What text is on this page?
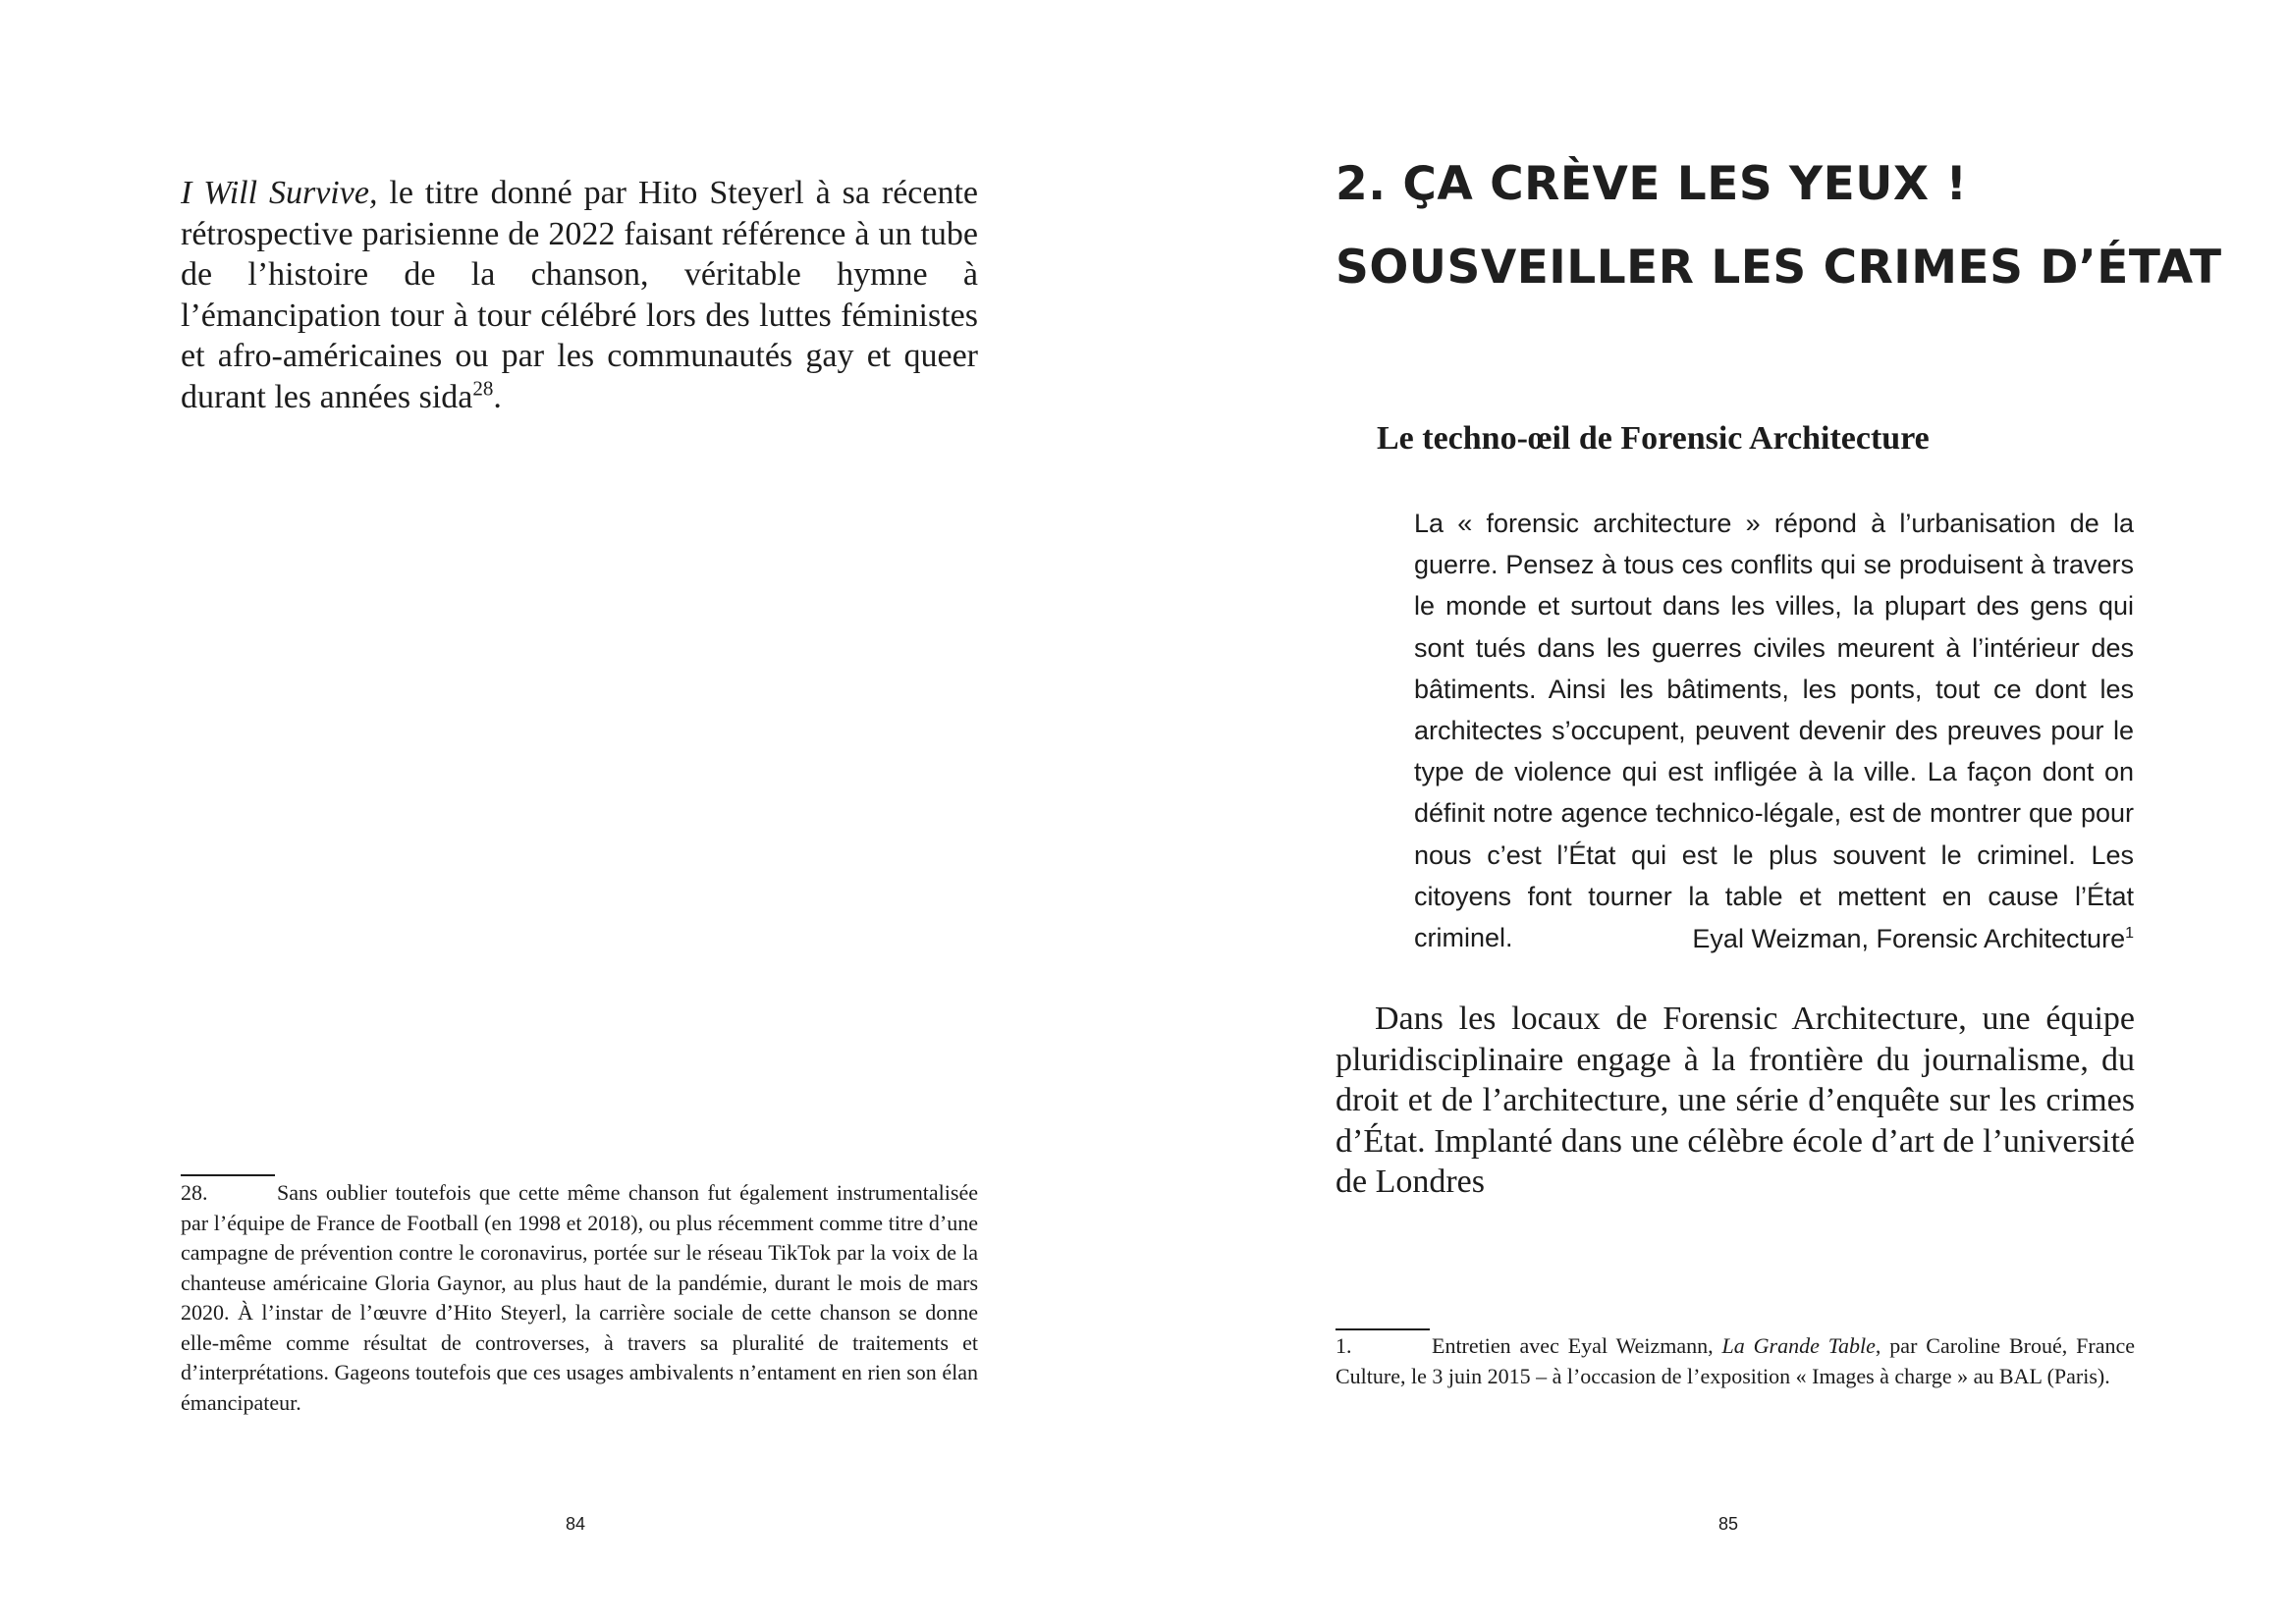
I Will Survive, le titre donné par Hito Steyerl à sa récente rétrospective parisienne de 2022 faisant référence à un tube de l’histoire de la chanson, véritable hymne à l’émancipation tour à tour célébré lors des luttes féministes et afro-américaines ou par les communautés gay et queer durant les années sida$^{28}$.

28.	Sans oublier toutefois que cette même chanson fut également instrumentalisée par l’équipe de France de Football (en 1998 et 2018), ou plus récemment comme titre d’une campagne de prévention contre le coronavirus, portée sur le réseau TikTok par la voix de la chanteuse américaine Gloria Gaynor, au plus haut de la pandémie, durant le mois de mars 2020. À l’instar de l’œuvre d’Hito Steyerl, la carrière sociale de cette chanson se donne elle-même comme résultat de controverses, à travers sa pluralité de traitements et d’interprétations. Gageons toutefois que ces usages ambivalents n’entament en rien son élan émancipateur.

84

2. ÇA CRÈVE LES YEUX !
SOUSVEILLER LES CRIMES D’ÉTAT
Le techno-œil de Forensic Architecture

La « forensic architecture » répond à l’urbanisation de la guerre. Pensez à tous ces conflits qui se produisent à travers le monde et surtout dans les villes, la plupart des gens qui sont tués dans les guerres civiles meurent à l’intérieur des bâtiments. Ainsi les bâtiments, les ponts, tout ce dont les architectes s’occupent, peuvent devenir des preuves pour le type de violence qui est infligée à la ville. La façon dont on définit notre agence technico-légale, est de montrer que pour nous c’est l’État qui est le plus souvent le criminel. Les citoyens font tourner la table et mettent en cause l’État criminel.	Eyal Weizman, Forensic Architecture$^1$

Dans les locaux de Forensic Architecture, une équipe pluridisciplinaire engage à la frontière du journalisme, du droit et de l’architecture, une série d’enquête sur les crimes d’État. Implanté dans une célèbre école d’art de l’université de Londres

1.	Entretien avec Eyal Weizmann, La Grande Table, par Caroline Broué, France Culture, le 3 juin 2015 – à l’occasion de l’exposition « Images à charge » au BAL (Paris).

85
